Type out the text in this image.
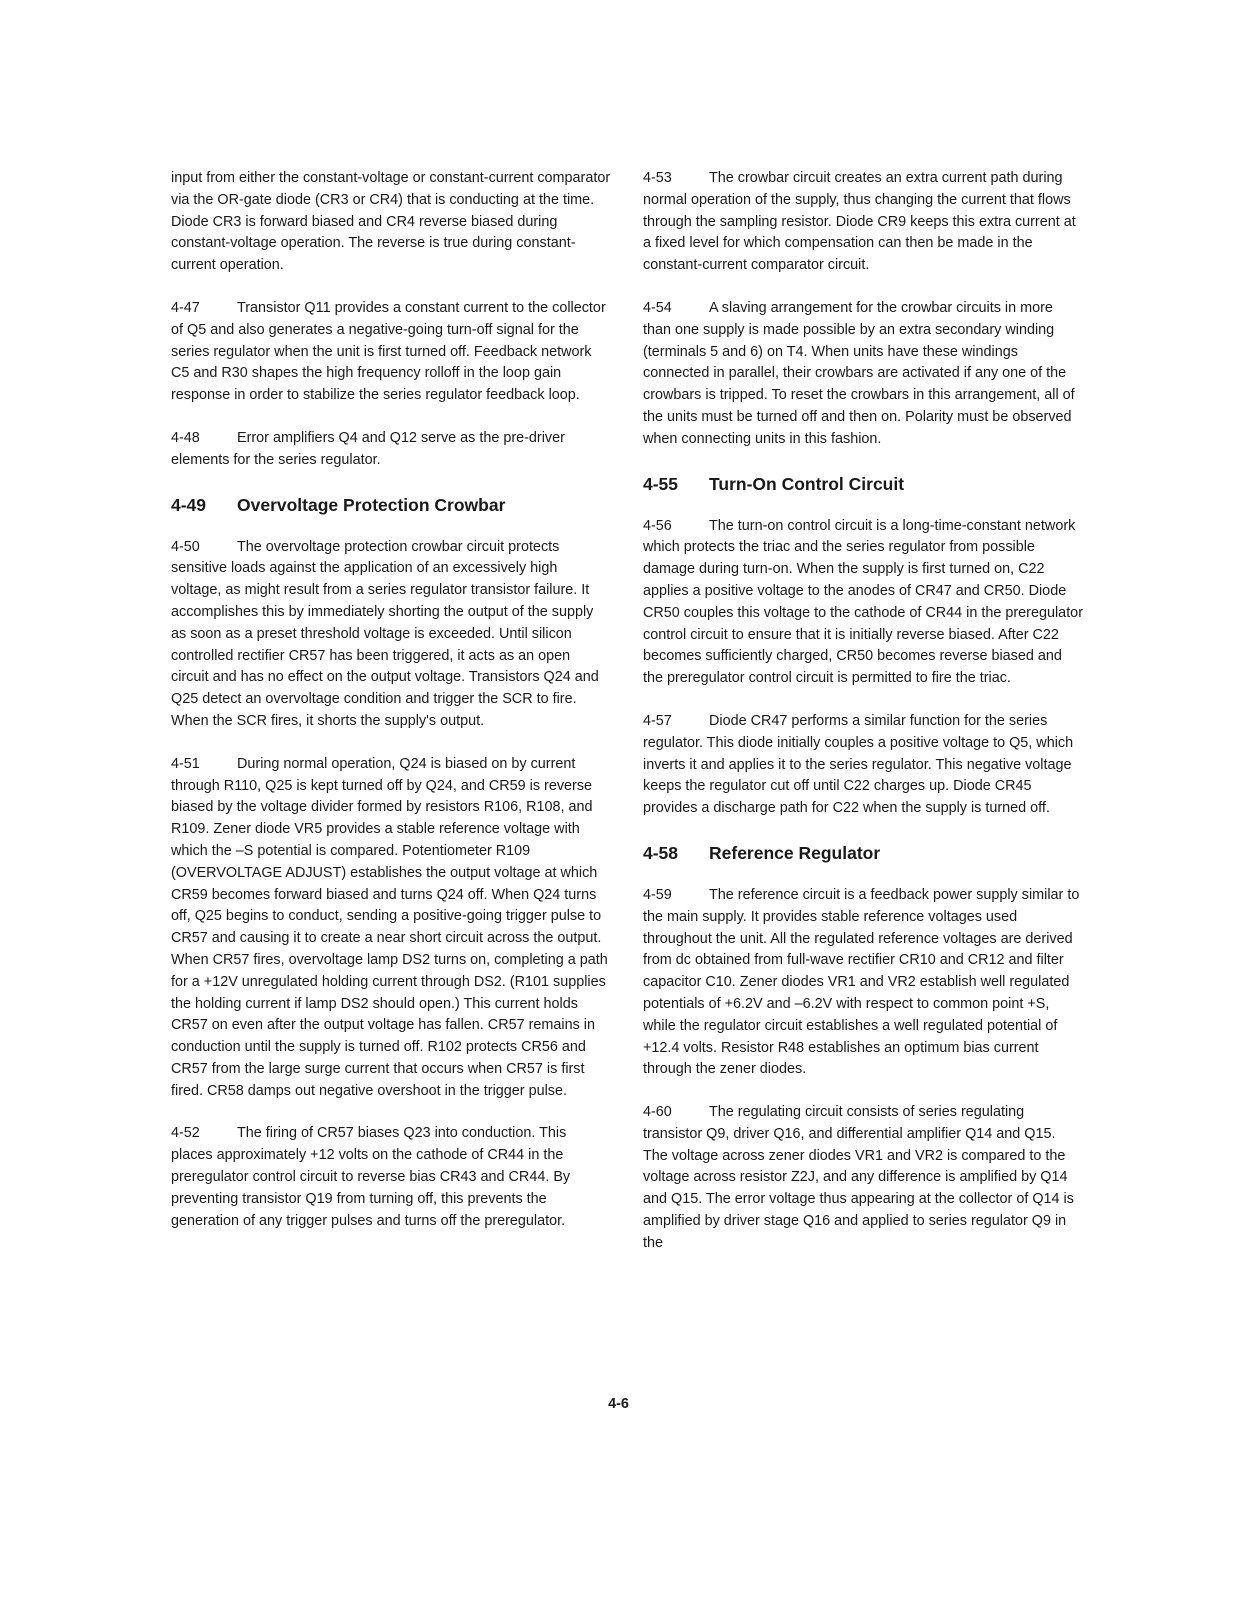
input from either the constant-voltage or constant-current comparator via the OR-gate diode (CR3 or CR4) that is conducting at the time. Diode CR3 is forward biased and CR4 reverse biased during constant-voltage operation. The reverse is true during constant-current operation.

4-47	Transistor Q11 provides a constant current to the collector of Q5 and also generates a negative-going turn-off signal for the series regulator when the unit is first turned off. Feedback network C5 and R30 shapes the high frequency rolloff in the loop gain response in order to stabilize the series regulator feedback loop.

4-48	Error amplifiers Q4 and Q12 serve as the pre-driver elements for the series regulator.

4-49 Overvoltage Protection Crowbar

4-50	The overvoltage protection crowbar circuit protects sensitive loads against the application of an excessively high voltage, as might result from a series regulator transistor failure. It accomplishes this by immediately shorting the output of the supply as soon as a preset threshold voltage is exceeded. Until silicon controlled rectifier CR57 has been triggered, it acts as an open circuit and has no effect on the output voltage. Transistors Q24 and Q25 detect an overvoltage condition and trigger the SCR to fire. When the SCR fires, it shorts the supply's output.

4-51	During normal operation, Q24 is biased on by current through R110, Q25 is kept turned off by Q24, and CR59 is reverse biased by the voltage divider formed by resistors R106, R108, and R109. Zener diode VR5 provides a stable reference voltage with which the –S potential is compared. Potentiometer R109 (OVERVOLTAGE ADJUST) establishes the output voltage at which CR59 becomes forward biased and turns Q24 off. When Q24 turns off, Q25 begins to conduct, sending a positive-going trigger pulse to CR57 and causing it to create a near short circuit across the output. When CR57 fires, overvoltage lamp DS2 turns on, completing a path for a +12V unregulated holding current through DS2. (R101 supplies the holding current if lamp DS2 should open.) This current holds CR57 on even after the output voltage has fallen. CR57 remains in conduction until the supply is turned off. R102 protects CR56 and CR57 from the large surge current that occurs when CR57 is first fired. CR58 damps out negative overshoot in the trigger pulse.

4-52	The firing of CR57 biases Q23 into conduction. This places approximately +12 volts on the cathode of CR44 in the preregulator control circuit to reverse bias CR43 and CR44. By preventing transistor Q19 from turning off, this prevents the generation of any trigger pulses and turns off the preregulator.

4-53	The crowbar circuit creates an extra current path during normal operation of the supply, thus changing the current that flows through the sampling resistor. Diode CR9 keeps this extra current at a fixed level for which compensation can then be made in the constant-current comparator circuit.

4-54	A slaving arrangement for the crowbar circuits in more than one supply is made possible by an extra secondary winding (terminals 5 and 6) on T4. When units have these windings connected in parallel, their crowbars are activated if any one of the crowbars is tripped. To reset the crowbars in this arrangement, all of the units must be turned off and then on. Polarity must be observed when connecting units in this fashion.

4-55 Turn-On Control Circuit

4-56	The turn-on control circuit is a long-time-constant network which protects the triac and the series regulator from possible damage during turn-on. When the supply is first turned on, C22 applies a positive voltage to the anodes of CR47 and CR50. Diode CR50 couples this voltage to the cathode of CR44 in the preregulator control circuit to ensure that it is initially reverse biased. After C22 becomes sufficiently charged, CR50 becomes reverse biased and the preregulator control circuit is permitted to fire the triac.

4-57	Diode CR47 performs a similar function for the series regulator. This diode initially couples a positive voltage to Q5, which inverts it and applies it to the series regulator. This negative voltage keeps the regulator cut off until C22 charges up. Diode CR45 provides a discharge path for C22 when the supply is turned off.

4-58 Reference Regulator

4-59	The reference circuit is a feedback power supply similar to the main supply. It provides stable reference voltages used throughout the unit. All the regulated reference voltages are derived from dc obtained from full-wave rectifier CR10 and CR12 and filter capacitor C10. Zener diodes VR1 and VR2 establish well regulated potentials of +6.2V and –6.2V with respect to common point +S, while the regulator circuit establishes a well regulated potential of +12.4 volts. Resistor R48 establishes an optimum bias current through the zener diodes.

4-60	The regulating circuit consists of series regulating transistor Q9, driver Q16, and differential amplifier Q14 and Q15. The voltage across zener diodes VR1 and VR2 is compared to the voltage across resistor Z2J, and any difference is amplified by Q14 and Q15. The error voltage thus appearing at the collector of Q14 is amplified by driver stage Q16 and applied to series regulator Q9 in the

4-6
